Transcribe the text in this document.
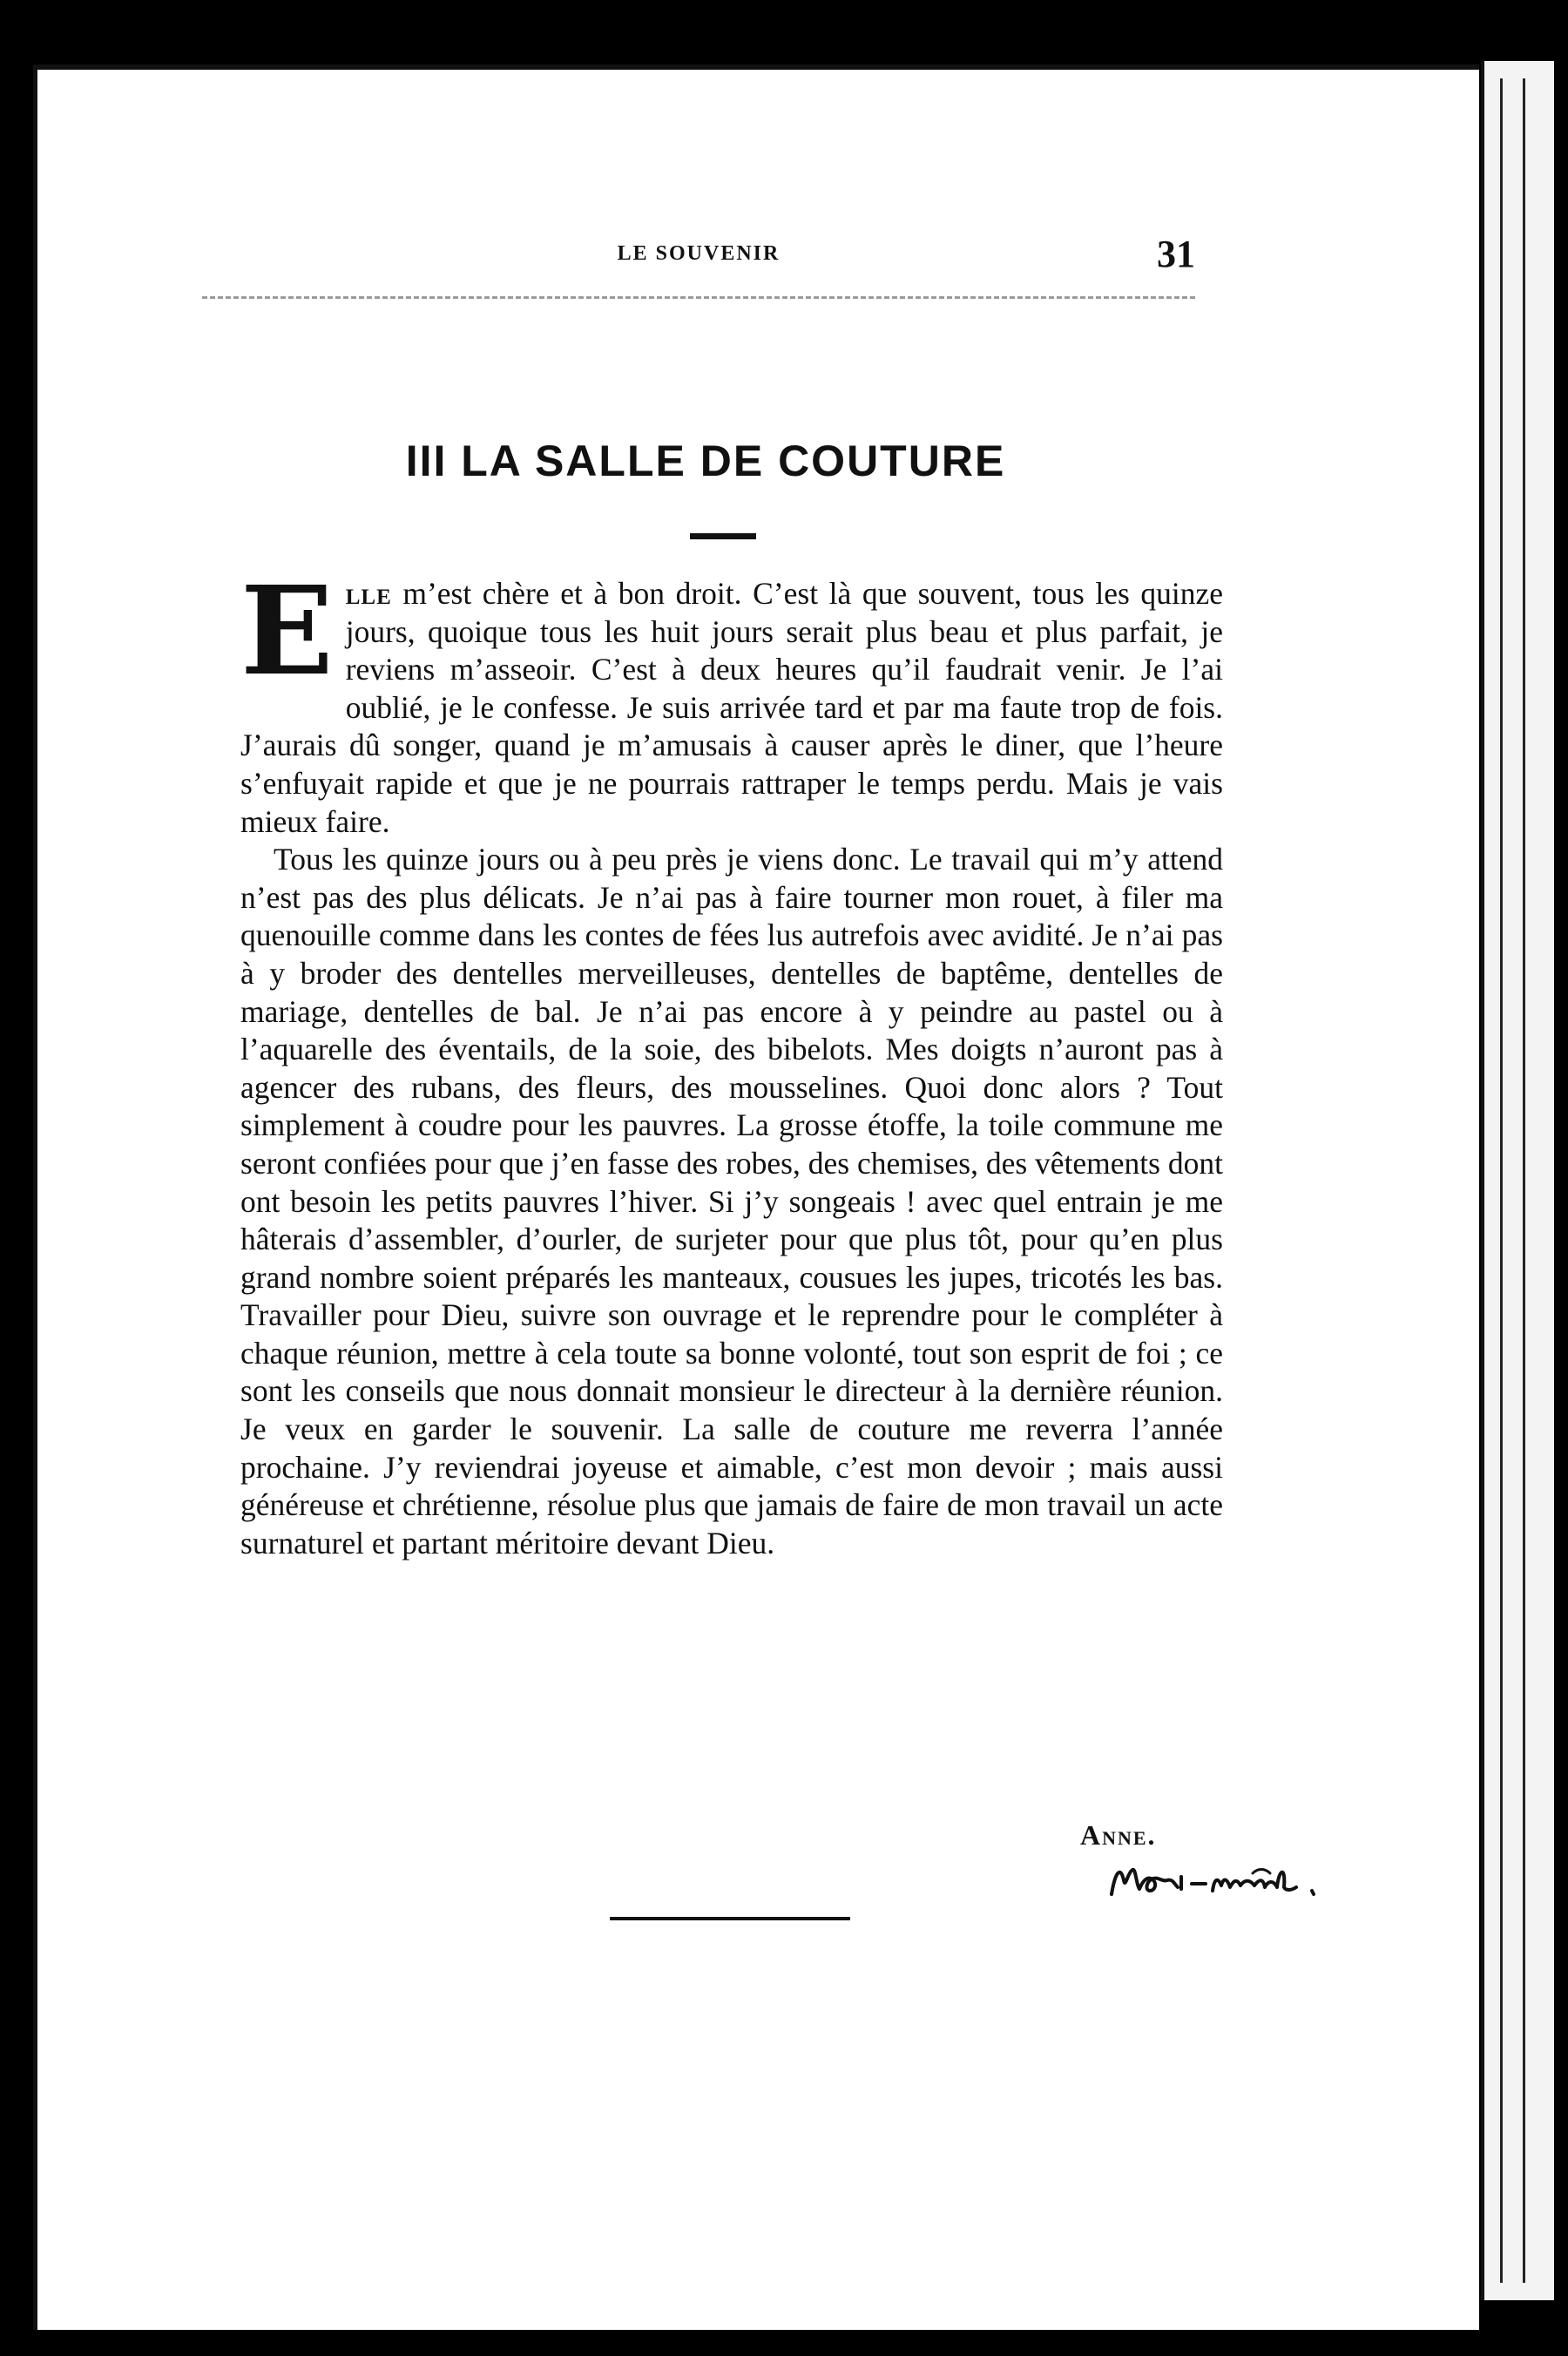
LE SOUVENIR	31
III LA SALLE DE COUTURE

Elle m’est chère et à bon droit. C’est là que souvent, tous les quinze jours, quoique tous les huit jours serait plus beau et plus parfait, je reviens m’asseoir. C’est à deux heures qu’il faudrait venir. Je l’ai oublié, je le confesse. Je suis arrivée tard et par ma faute trop de fois. J’aurais dû songer, quand je m’amusais à causer après le diner, que l’heure s’enfuyait rapide et que je ne pourrais rattraper le temps perdu. Mais je vais mieux faire.

Tous les quinze jours ou à peu près je viens donc. Le travail qui m’y attend n’est pas des plus délicats. Je n’ai pas à faire tourner mon rouet, à filer ma quenouille comme dans les contes de fées lus autrefois avec avidité. Je n’ai pas à y broder des dentelles merveilleuses, dentelles de baptême, dentelles de mariage, dentelles de bal. Je n’ai pas encore à y peindre au pastel ou à l’aquarelle des éventails, de la soie, des bibelots. Mes doigts n’auront pas à agencer des rubans, des fleurs, des mousselines. Quoi donc alors ? Tout simplement à coudre pour les pauvres. La grosse étoffe, la toile commune me seront confiées pour que j’en fasse des robes, des chemises, des vêtements dont ont besoin les petits pauvres l’hiver. Si j’y songeais ! avec quel entrain je me hâterais d’assembler, d’ourler, de surjeter pour que plus tôt, pour qu’en plus grand nombre soient préparés les manteaux, cousues les jupes, tricotés les bas. Travailler pour Dieu, suivre son ouvrage et le reprendre pour le compléter à chaque réunion, mettre à cela toute sa bonne volonté, tout son esprit de foi ; ce sont les conseils que nous donnait monsieur le directeur à la dernière réunion. Je veux en garder le souvenir. La salle de couture me reverra l’année prochaine. J’y reviendrai joyeuse et aimable, c’est mon devoir ; mais aussi généreuse et chrétienne, résolue plus que jamais de faire de mon travail un acte surnaturel et partant méritoire devant Dieu.

Anne.
